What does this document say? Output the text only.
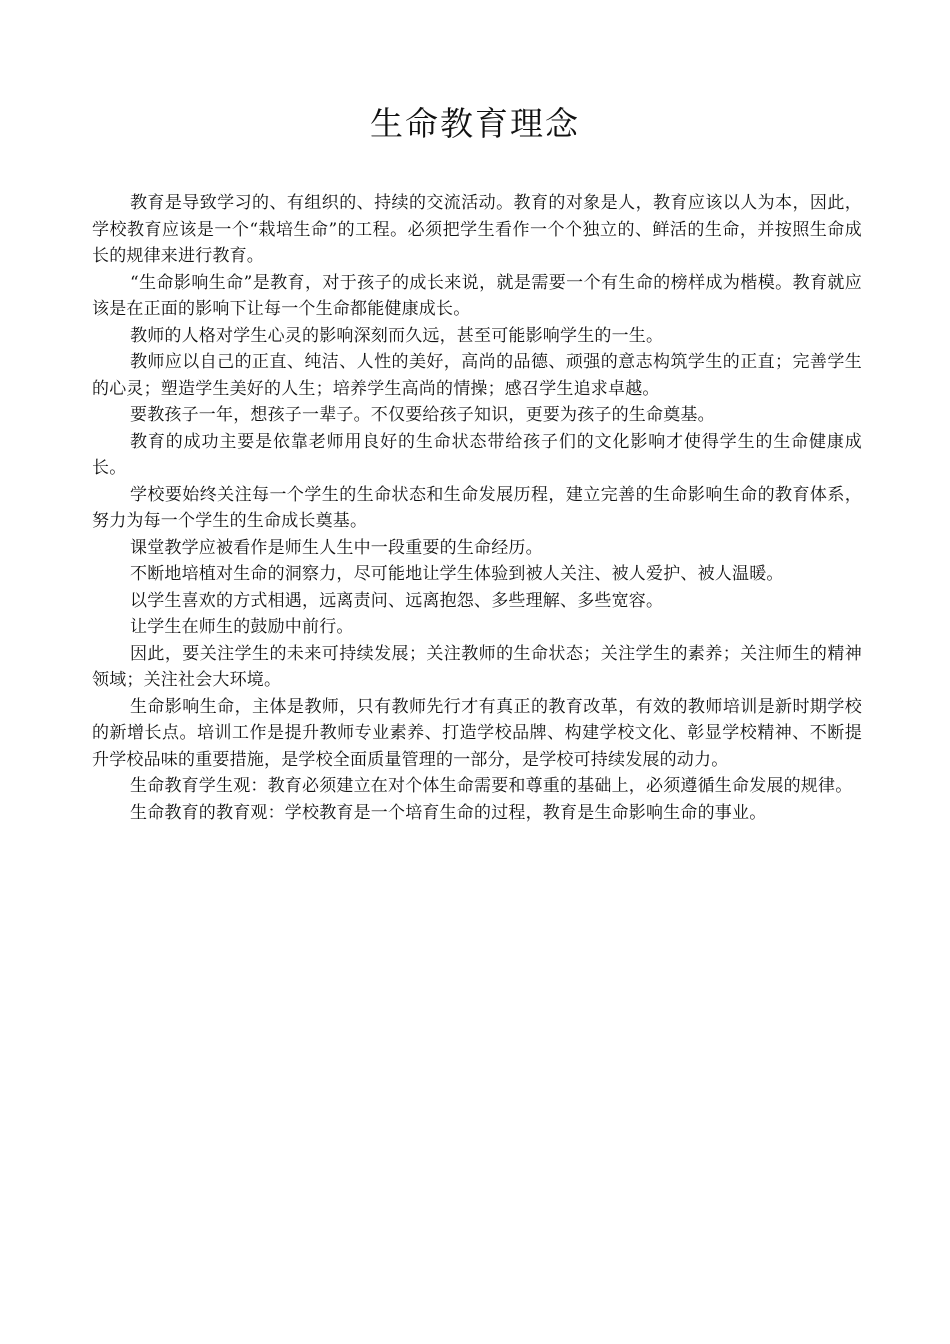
生命教育理念

教育是导致学习的、有组织的、持续的交流活动。教育的对象是人，教育应该以人为本，因此，学校教育应该是一个“栽培生命”的工程。必须把学生看作一个个独立的、鲜活的生命，并按照生命成长的规律来进行教育。

“生命影响生命”是教育，对于孩子的成长来说，就是需要一个有生命的榜样成为楷模。教育就应该是在正面的影响下让每一个生命都能健康成长。

教师的人格对学生心灵的影响深刻而久远，甚至可能影响学生的一生。

教师应以自己的正直、纯洁、人性的美好，高尚的品德、顽强的意志构筑学生的正直；完善学生的心灵；塑造学生美好的人生；培养学生高尚的情操；感召学生追求卓越。

要教孩子一年，想孩子一辈子。不仅要给孩子知识，更要为孩子的生命奠基。

教育的成功主要是依靠老师用良好的生命状态带给孩子们的文化影响才使得学生的生命健康成长。

学校要始终关注每一个学生的生命状态和生命发展历程，建立完善的生命影响生命的教育体系，努力为每一个学生的生命成长奠基。

课堂教学应被看作是师生人生中一段重要的生命经历。

不断地培植对生命的洞察力，尽可能地让学生体验到被人关注、被人爱护、被人温暖。

以学生喜欢的方式相遇，远离责问、远离抱怨、多些理解、多些宽容。

让学生在师生的鼓励中前行。

因此，要关注学生的未来可持续发展；关注教师的生命状态；关注学生的素养；关注师生的精神领域；关注社会大环境。

生命影响生命，主体是教师，只有教师先行才有真正的教育改革，有效的教师培训是新时期学校的新增长点。培训工作是提升教师专业素养、打造学校品牌、构建学校文化、彰显学校精神、不断提升学校品味的重要措施，是学校全面质量管理的一部分，是学校可持续发展的动力。

生命教育学生观：教育必须建立在对个体生命需要和尊重的基础上，必须遵循生命发展的规律。

生命教育的教育观：学校教育是一个培育生命的过程，教育是生命影响生命的事业。
